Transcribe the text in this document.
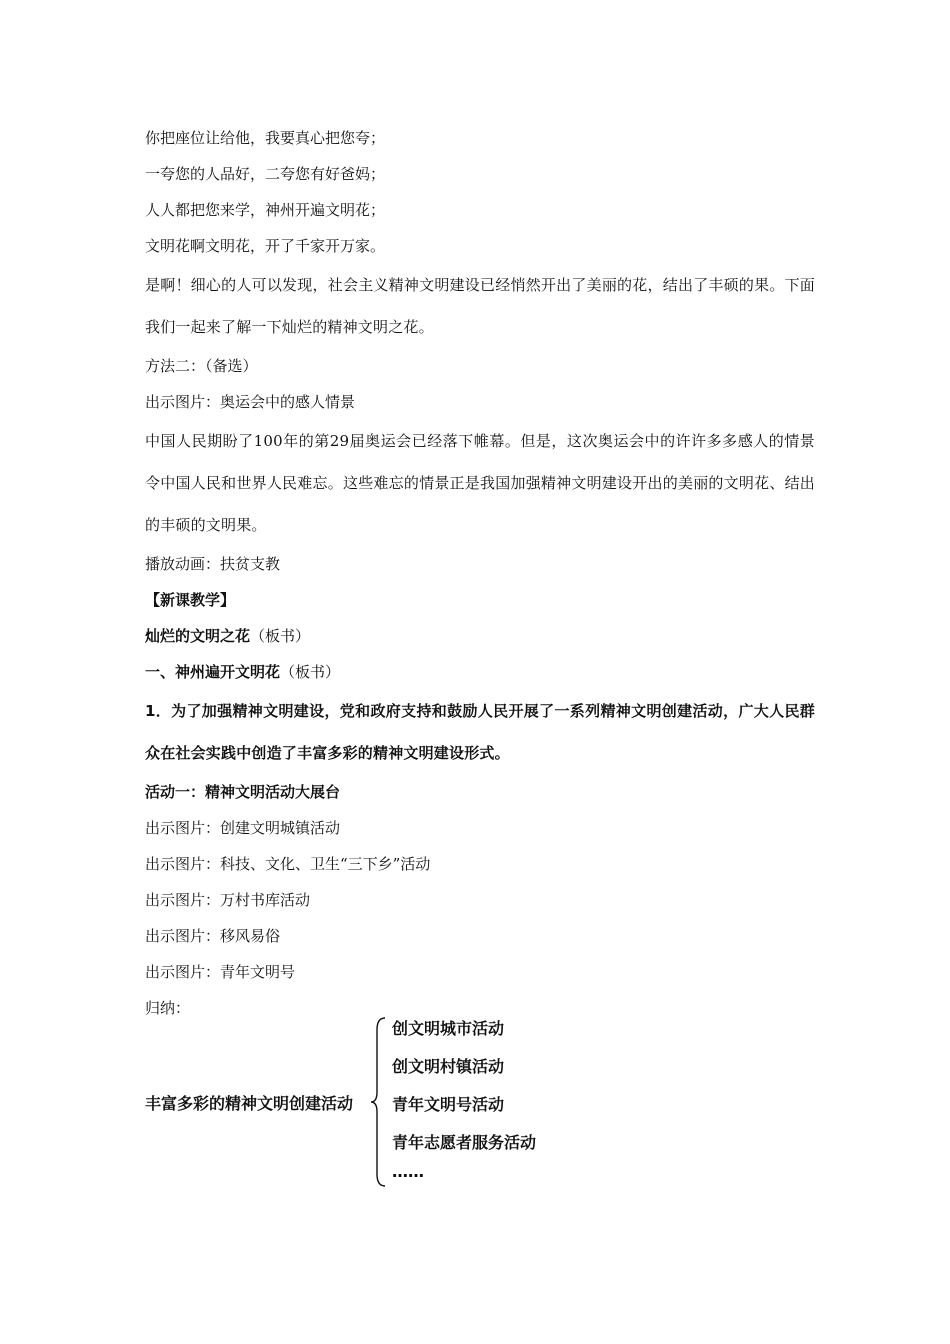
你把座位让给他，我要真心把您夸；
一夸您的人品好，二夸您有好爸妈；
人人都把您来学，神州开遍文明花；
文明花啊文明花，开了千家开万家。
是啊！细心的人可以发现，社会主义精神文明建设已经悄然开出了美丽的花，结出了丰硕的果。下面我们一起来了解一下灿烂的精神文明之花。
方法二：（备选）
出示图片：奥运会中的感人情景
中国人民期盼了100年的第29届奥运会已经落下帷幕。但是，这次奥运会中的许许多多感人的情景令中国人民和世界人民难忘。这些难忘的情景正是我国加强精神文明建设开出的美丽的文明花、结出的丰硕的文明果。
播放动画：扶贫支教
【新课教学】
灿烂的文明之花（板书）
一、神州遍开文明花（板书）
1．为了加强精神文明建设，党和政府支持和鼓励人民开展了一系列精神文明创建活动，广大人民群众在社会实践中创造了丰富多彩的精神文明建设形式。
活动一：精神文明活动大展台
出示图片：创建文明城镇活动
出示图片：科技、文化、卫生“三下乡”活动
出示图片：万村书库活动
出示图片：移风易俗
出示图片：青年文明号
归纳：
丰富多彩的精神文明创建活动
创文明城市活动
创文明村镇活动
青年文明号活动
青年志愿者服务活动
……
